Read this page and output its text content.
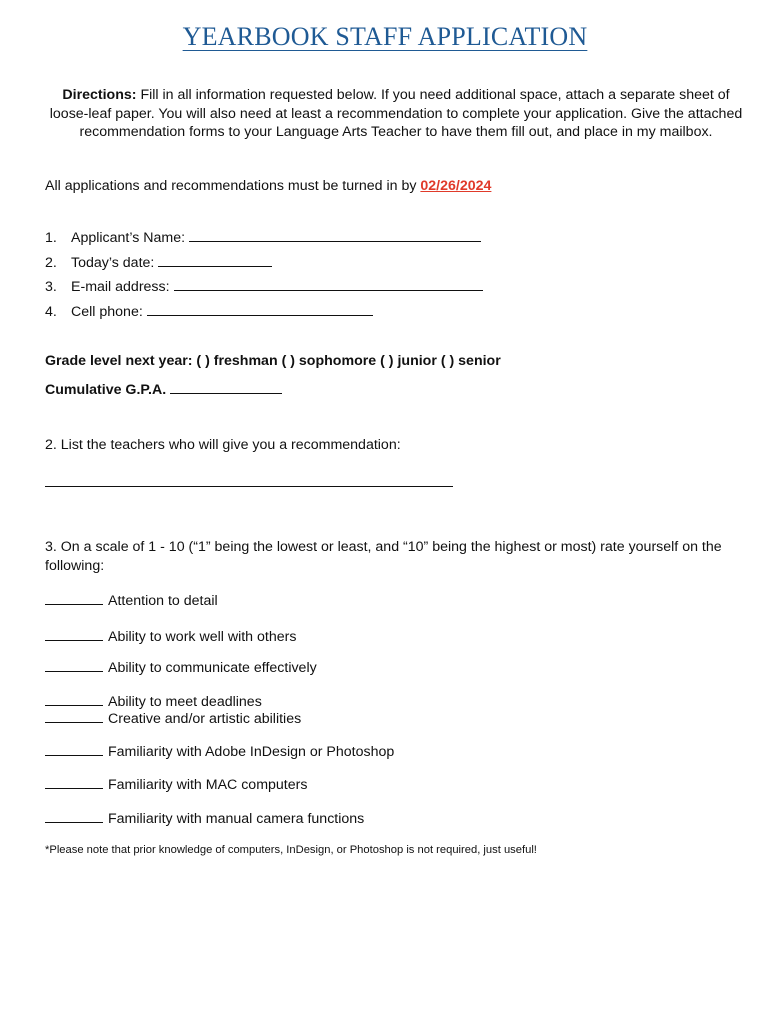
YEARBOOK STAFF APPLICATION
Directions: Fill in all information requested below. If you need additional space, attach a separate sheet of loose-leaf paper. You will also need at least a recommendation to complete your application. Give the attached recommendation forms to your Language Arts Teacher to have them fill out, and place in my mailbox.
All applications and recommendations must be turned in by 02/26/2024
1. Applicant’s Name:
2. Today’s date:
3. E-mail address:
4. Cell phone:
Grade level next year: ( ) freshman ( ) sophomore ( ) junior ( ) senior
Cumulative G.P.A.
2. List the teachers who will give you a recommendation:
3. On a scale of 1 - 10 (“1” being the lowest or least, and “10” being the highest or most) rate yourself on the following:
Attention to detail
Ability to work well with others
Ability to communicate effectively
Ability to meet deadlines
Creative and/or artistic abilities
Familiarity with Adobe InDesign or Photoshop
Familiarity with MAC computers
Familiarity with manual camera functions
*Please note that prior knowledge of computers, InDesign, or Photoshop is not required, just useful!
